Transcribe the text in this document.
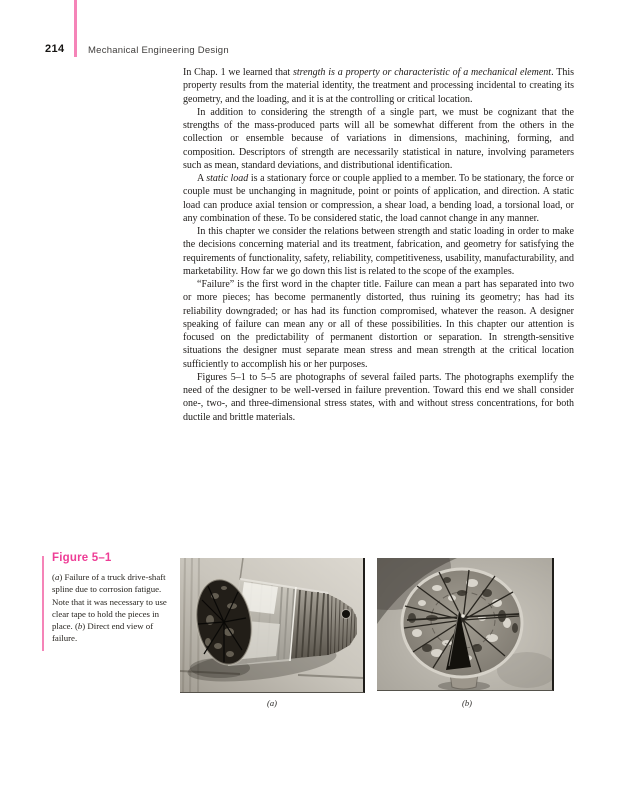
214 Mechanical Engineering Design

In Chap. 1 we learned that strength is a property or characteristic of a mechanical element. This property results from the material identity, the treatment and processing incidental to creating its geometry, and the loading, and it is at the controlling or critical location.

In addition to considering the strength of a single part, we must be cognizant that the strengths of the mass-produced parts will all be somewhat different from the others in the collection or ensemble because of variations in dimensions, machining, forming, and composition. Descriptors of strength are necessarily statistical in nature, involving parameters such as mean, standard deviations, and distributional identification.

A static load is a stationary force or couple applied to a member. To be stationary, the force or couple must be unchanging in magnitude, point or points of application, and direction. A static load can produce axial tension or compression, a shear load, a bending load, a torsional load, or any combination of these. To be considered static, the load cannot change in any manner.

In this chapter we consider the relations between strength and static loading in order to make the decisions concerning material and its treatment, fabrication, and geometry for satisfying the requirements of functionality, safety, reliability, competitiveness, usability, manufacturability, and marketability. How far we go down this list is related to the scope of the examples.

“Failure” is the first word in the chapter title. Failure can mean a part has separated into two or more pieces; has become permanently distorted, thus ruining its geometry; has had its reliability downgraded; or has had its function compromised, whatever the reason. A designer speaking of failure can mean any or all of these possibilities. In this chapter our attention is focused on the predictability of permanent distortion or separation. In strength-sensitive situations the designer must separate mean stress and mean strength at the critical location sufficiently to accomplish his or her purposes.

Figures 5–1 to 5–5 are photographs of several failed parts. The photographs exemplify the need of the designer to be well-versed in failure prevention. Toward this end we shall consider one-, two-, and three-dimensional stress states, with and without stress concentrations, for both ductile and brittle materials.

Figure 5–1

(a) Failure of a truck drive-shaft spline due to corrosion fatigue. Note that it was necessary to use clear tape to hold the pieces in place. (b) Direct end view of failure.

(a)	(b)
